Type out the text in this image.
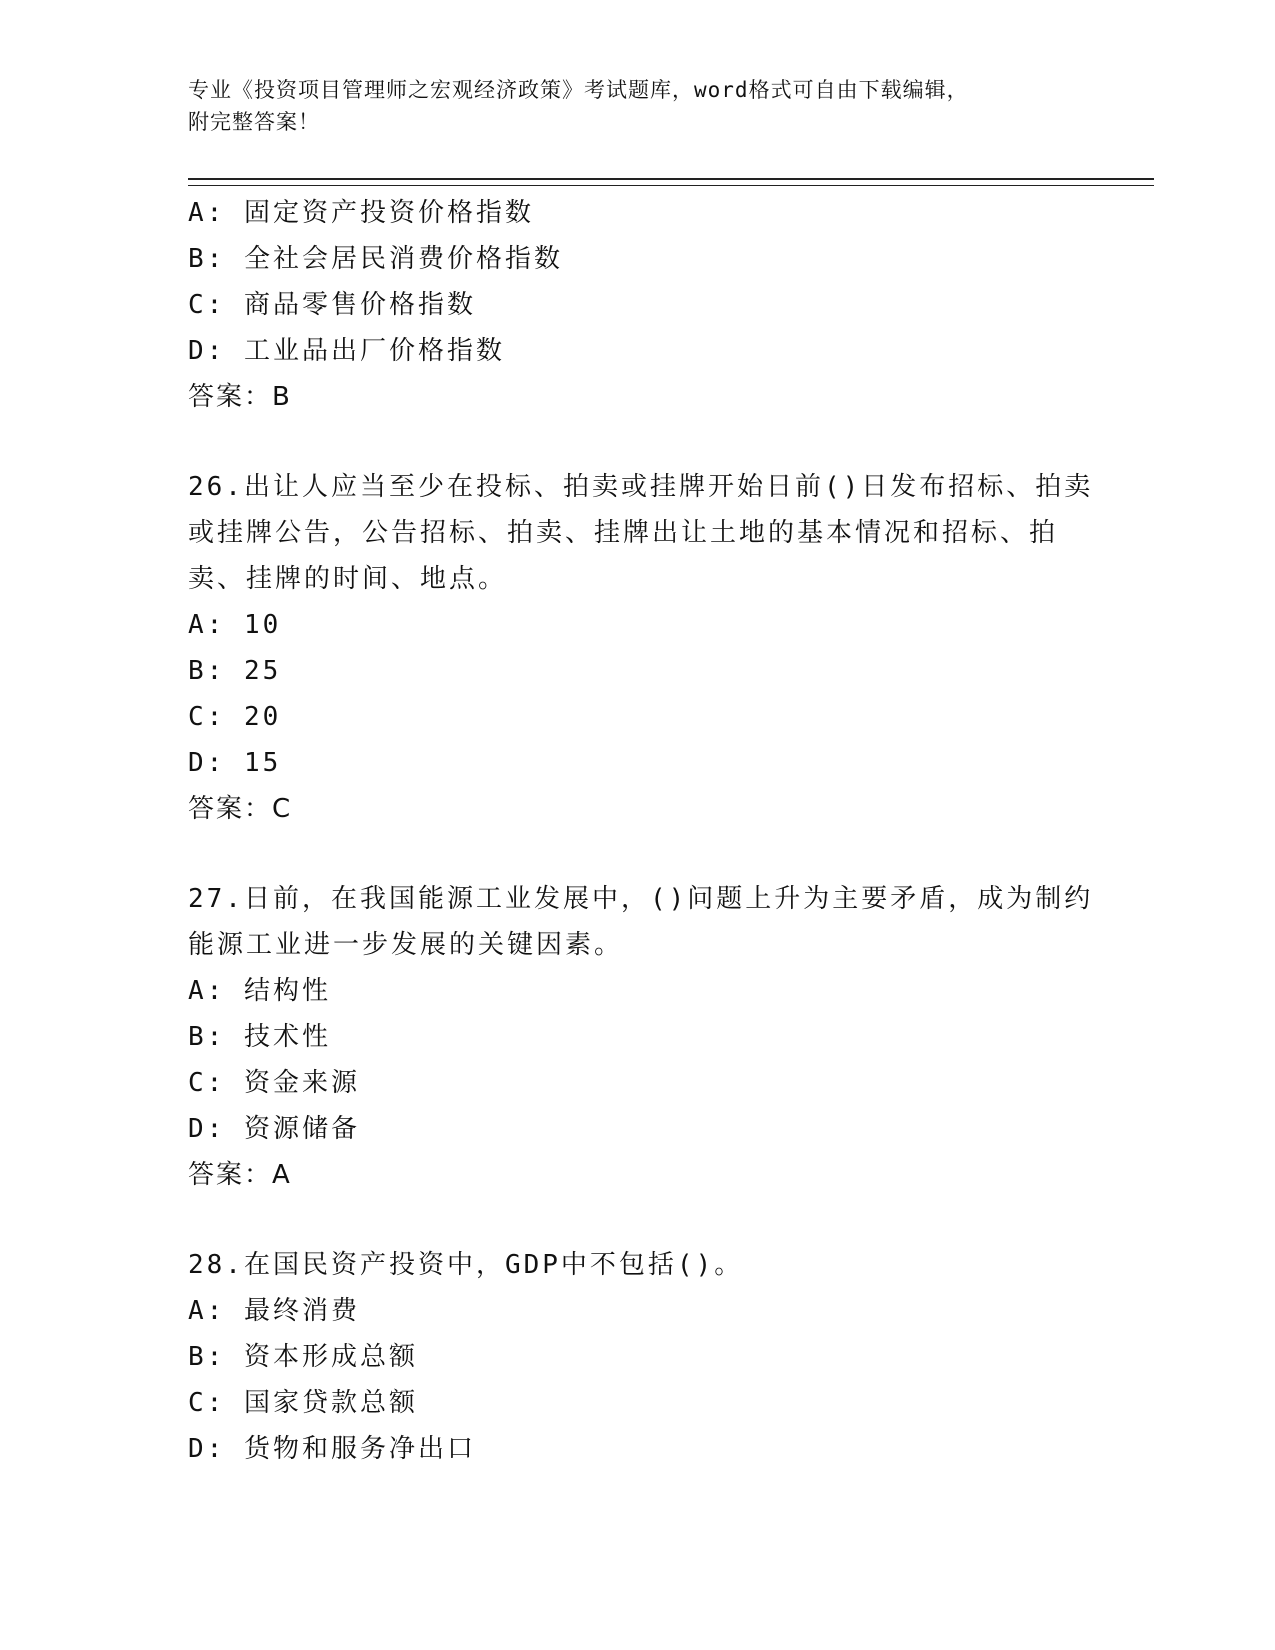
专业《投资项目管理师之宏观经济政策》考试题库，word格式可自由下载编辑，
附完整答案！
A: 固定资产投资价格指数
B: 全社会居民消费价格指数
C: 商品零售价格指数
D: 工业品出厂价格指数
答案：B
26.出让人应当至少在投标、拍卖或挂牌开始日前()日发布招标、拍卖
或挂牌公告，公告招标、拍卖、挂牌出让土地的基本情况和招标、拍
卖、挂牌的时间、地点。
A: 10
B: 25
C: 20
D: 15
答案：C
27.日前，在我国能源工业发展中，()问题上升为主要矛盾，成为制约
能源工业进一步发展的关键因素。
A: 结构性
B: 技术性
C: 资金来源
D: 资源储备
答案：A
28.在国民资产投资中，GDP中不包括()。
A: 最终消费
B: 资本形成总额
C: 国家贷款总额
D: 货物和服务净出口
